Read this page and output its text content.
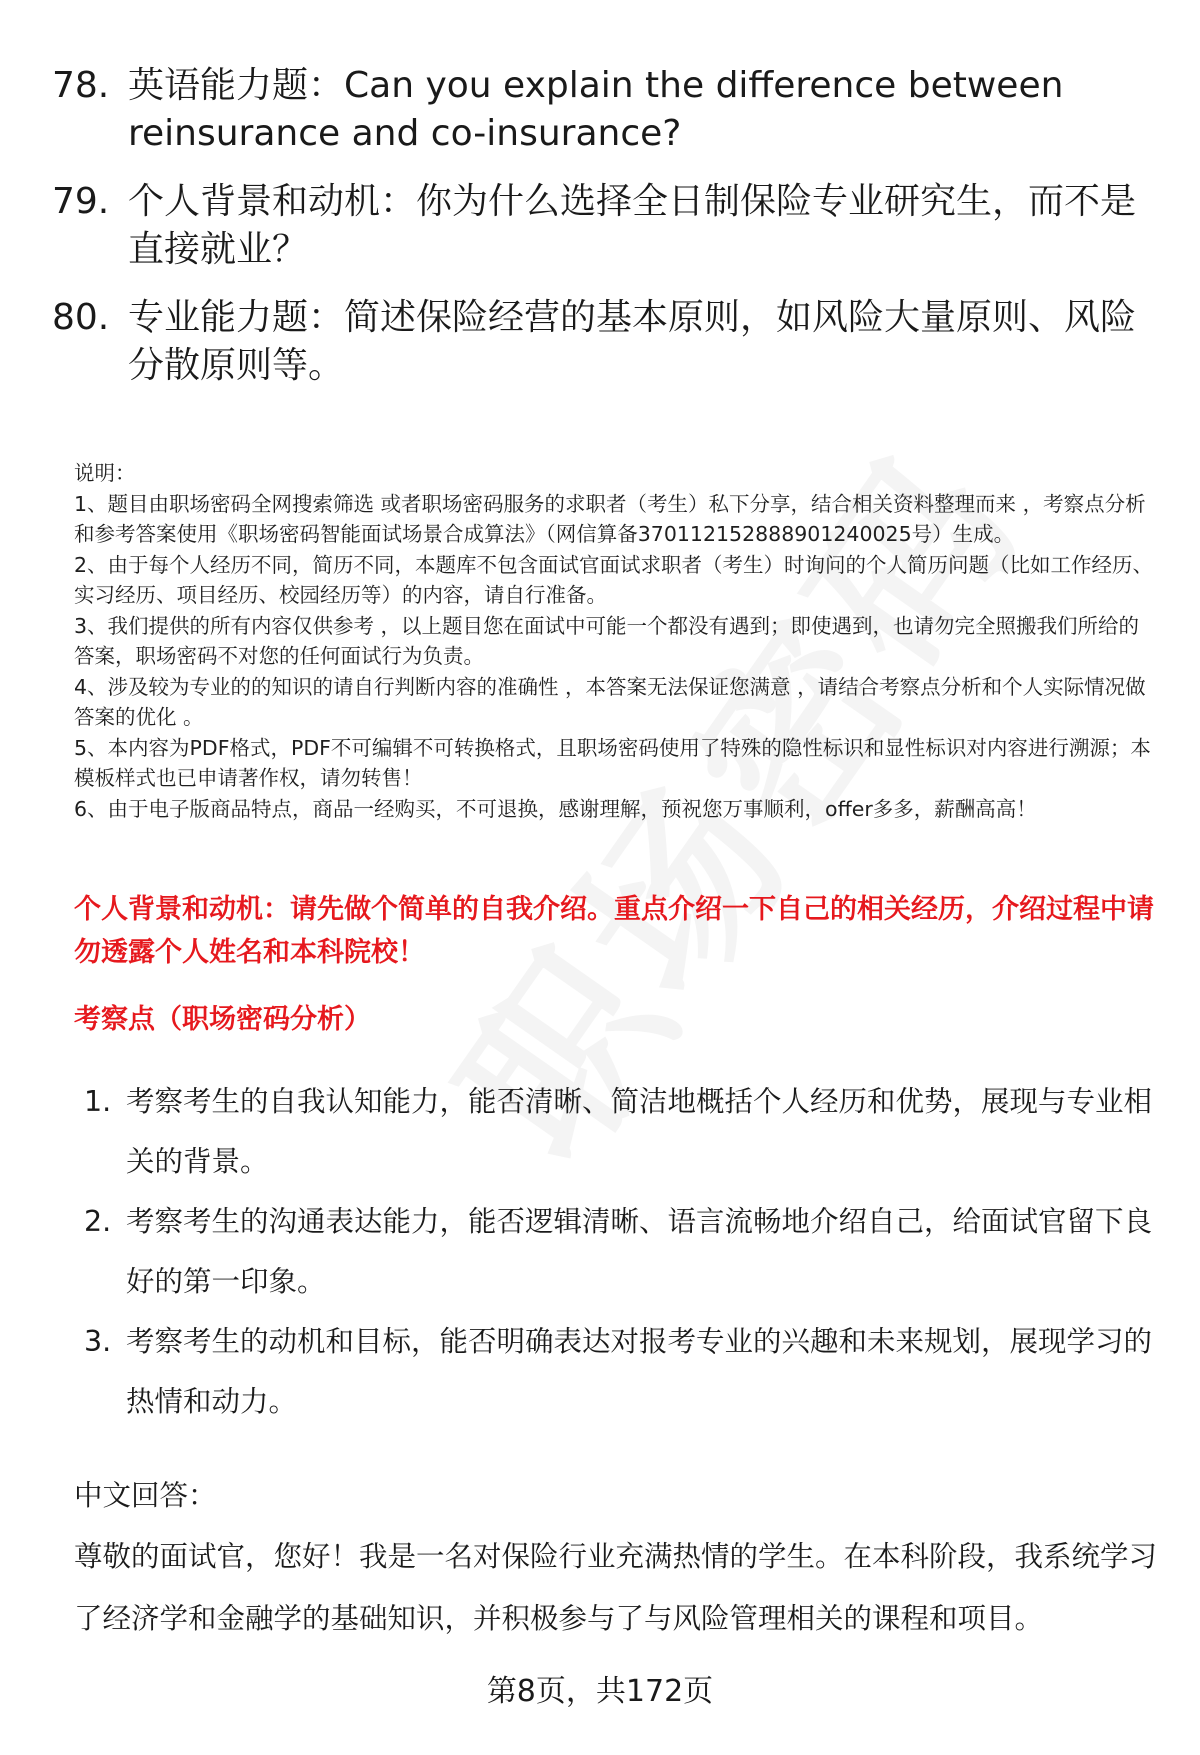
78. 英语能力题：Can you explain the difference between reinsurance and co-insurance?
79. 个人背景和动机：你为什么选择全日制保险专业研究生，而不是直接就业？
80. 专业能力题：简述保险经营的基本原则，如风险大量原则、风险分散原则等。

说明：

1、题目由职场密码全网搜索筛选 或者职场密码服务的求职者（考生）私下分享，结合相关资料整理而来 ，考察点分析和参考答案使用《职场密码智能面试场景合成算法》（网信算备370112152888901240025号）生成。

2、由于每个人经历不同，简历不同，本题库不包含面试官面试求职者（考生）时询问的个人简历问题（比如工作经历、实习经历、项目经历、校园经历等）的内容，请自行准备。

3、我们提供的所有内容仅供参考 ，以上题目您在面试中可能一个都没有遇到；即使遇到，也请勿完全照搬我们所给的答案，职场密码不对您的任何面试行为负责。

4、涉及较为专业的的知识的请自行判断内容的准确性 ，本答案无法保证您满意 ，请结合考察点分析和个人实际情况做答案的优化 。

5、本内容为PDF格式，PDF不可编辑不可转换格式，且职场密码使用了特殊的隐性标识和显性标识对内容进行溯源；本模板样式也已申请著作权，请勿转售！

6、由于电子版商品特点，商品一经购买，不可退换，感谢理解，预祝您万事顺利，offer多多，薪酬高高！

个人背景和动机：请先做个简单的自我介绍。重点介绍一下自己的相关经历，介绍过程中请勿透露个人姓名和本科院校！
考察点（职场密码分析）
1. 考察考生的自我认知能力，能否清晰、简洁地概括个人经历和优势，展现与专业相关的背景。
2. 考察考生的沟通表达能力，能否逻辑清晰、语言流畅地介绍自己，给面试官留下良好的第一印象。
3. 考察考生的动机和目标，能否明确表达对报考专业的兴趣和未来规划，展现学习的热情和动力。
中文回答：
尊敬的面试官，您好！我是一名对保险行业充满热情的学生。在本科阶段，我系统学习了经济学和金融学的基础知识，并积极参与了与风险管理相关的课程和项目。
第8页，共172页
